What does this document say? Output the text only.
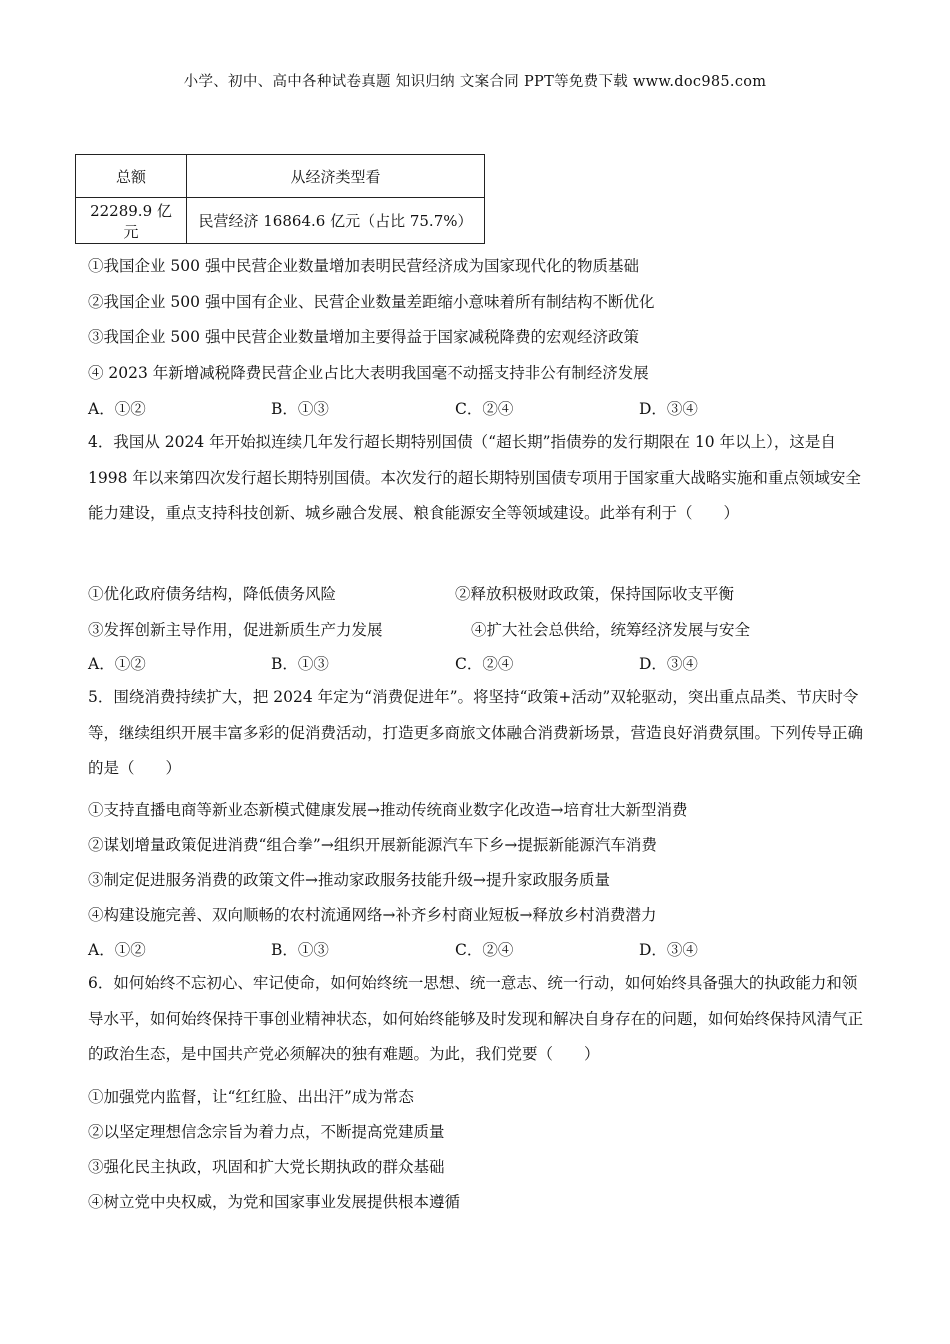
小学、初中、高中各种试卷真题 知识归纳 文案合同 PPT等免费下载 www.doc985.com
总额	从经济类型看
22289.9 亿元	民营经济 16864.6 亿元（占比 75.7%）
①我国企业 500 强中民营企业数量增加表明民营经济成为国家现代化的物质基础
②我国企业 500 强中国有企业、民营企业数量差距缩小意味着所有制结构不断优化
③我国企业 500 强中民营企业数量增加主要得益于国家减税降费的宏观经济政策
④ 2023 年新增减税降费民营企业占比大表明我国毫不动摇支持非公有制经济发展
A．①②	B．①③	C．②④	D．③④
4．我国从 2024 年开始拟连续几年发行超长期特别国债（“超长期”指债券的发行期限在 10 年以上），这是自 1998 年以来第四次发行超长期特别国债。本次发行的超长期特别国债专项用于国家重大战略实施和重点领域安全能力建设，重点支持科技创新、城乡融合发展、粮食能源安全等领域建设。此举有利于（　　）
①优化政府债务结构，降低债务风险	②释放积极财政政策，保持国际收支平衡
③发挥创新主导作用，促进新质生产力发展	④扩大社会总供给，统筹经济发展与安全
A．①②	B．①③	C．②④	D．③④
5．围绕消费持续扩大，把 2024 年定为“消费促进年”。将坚持“政策+活动”双轮驱动，突出重点品类、节庆时令等，继续组织开展丰富多彩的促消费活动，打造更多商旅文体融合消费新场景，营造良好消费氛围。下列传导正确的是（　　）
①支持直播电商等新业态新模式健康发展→推动传统商业数字化改造→培育壮大新型消费
②谋划增量政策促进消费“组合拳”→组织开展新能源汽车下乡→提振新能源汽车消费
③制定促进服务消费的政策文件→推动家政服务技能升级→提升家政服务质量
④构建设施完善、双向顺畅的农村流通网络→补齐乡村商业短板→释放乡村消费潜力
A．①②	B．①③	C．②④	D．③④
6．如何始终不忘初心、牢记使命，如何始终统一思想、统一意志、统一行动，如何始终具备强大的执政能力和领导水平，如何始终保持干事创业精神状态，如何始终能够及时发现和解决自身存在的问题，如何始终保持风清气正的政治生态，是中国共产党必须解决的独有难题。为此，我们党要（　　）
①加强党内监督，让“红红脸、出出汗”成为常态
②以坚定理想信念宗旨为着力点，不断提高党建质量
③强化民主执政，巩固和扩大党长期执政的群众基础
④树立党中央权威，为党和国家事业发展提供根本遵循
